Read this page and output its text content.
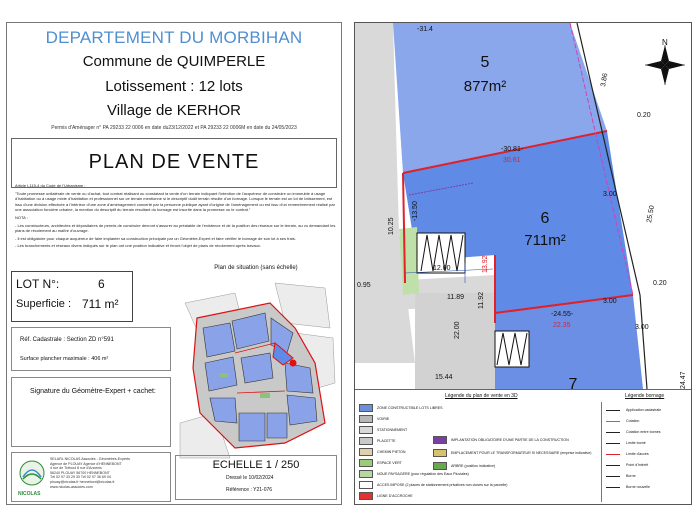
DEPARTEMENT DU MORBIHAN
Commune de QUIMPERLE
Lotissement : 12 lots
Village de KERHOR
Permis d'Aménager n° PA 29233 22 0006 en date du23/12/2022 et PA 29233 22 0006M en date du 24/05/2023
PLAN DE VENTE

Article L115-4 du Code de l'Urbanisme :

"Toute promesse unilatérale de vente ou d'achat, tout contrat réalisant ou constatant la vente d'un terrain indiquant l'intention de l'acquéreur de construire un immeuble à usage d'habitation ou à usage mixte d'habitation et professionnel sur ce terrain mentionne si le descriptif dudit terrain résulte d'un bornage. Lorsque le terrain est un lot de lotissement, est issu d'une division effectuée à l'intérieur d'une zone d'aménagement concerté par la personne publique ayant d'origine de l'aménagement ou est issu d'un remembrement réalisé par une association foncière urbaine, la mention du descriptif du terrain résultant du bornage est inscrite dans la promesse ou le contrat."

NOTA :

- Les constructeurs, architectes et dépositaires de permis de construire devront s'assurer au préalable de l'existence et de la position des réseaux sur le terrain, au vu demandant les plans de récolement au maître d'ouvrage.

- Il est obligatoire pour chaque acquéreur de faire implanter sa construction principale par un Géomètre-Expert et faire vérifier le bornage de son lot à ses frais.

- Les branchements et réseaux divers indiqués sur le plan ont une position indicative et feront l'objet de plans de récolement après travaux.

LOT N°:	6
Superficie : 711 m²
Réf. Cadastrale : Section ZD n°591
Surface plancher maximale : 406 m²
Signature du Géomètre-Expert + cachet:
Plan de situation (sans échelle)
NICOLAS
SELARL NICOLAS Associés - Géomètres-Experts
Agence de PLOUAY Agence d'HENNEBONT
4 rue de Tréboul 8 rue d'Ancenis
56240 PLOUAY 56700 HENNEBONT
Tél 02 97 33 29 30 Tél 02 97 36 69 04
plouay@nicolas.fr hennebont@nicolas.fr
www.nicolas-associes.com
ECHELLE 1 / 250
Dressé le 10/02/2024
Référence : Y21-076
N
5
877m²
6
711m²
7
-30.81-
30.61
-13.50
12.00
-24.55-
22.35
13.92
11.92
11.89
22.00
15.44
3.00
3.00
3.00
25.50
0.20
0.20
0.95
10.25
24.47
3.86
-31.4
Légende du plan de vente en 3D	Légende bornage
Application cadastrale
Cotation
Cotation entre bornes
Limite borné
Limite d'accès
Point d'Intérêt
Borne
Borne nouvelle
ZONE CONSTRUCTIBLE LOTS LIBRES
VOIRIE
STATIONNEMENT
PLACETTE
CHEMIN PIETON
ESPACE VERT
NOUE PAYSAGERE (pour régulation des Eaux Pluviales)
ACCES IMPOSE (2 places de stationnement privatives non closes sur la parcelle)
LIGNE D'ACCROCHE
IMPLANTATION OBLIGATOIRE D'UNE PARTIE DE LA CONSTRUCTION
EMPLACEMENT POUR LE TRANSFORMATEUR SI NECESSAIRE (emprise indicative)
ARBRE (position indicative)
